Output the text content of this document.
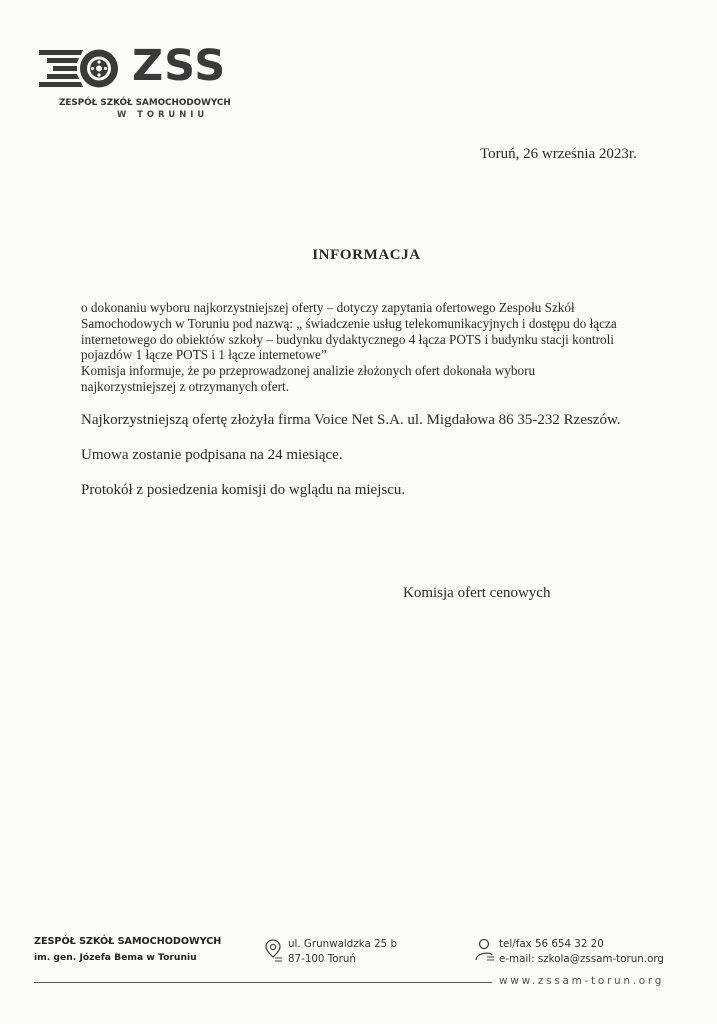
ZSS
ZESPÓŁ SZKÓŁ SAMOCHODOWYCH
W TORUNIU
Toruń, 26 września 2023r.
INFORMACJA
o dokonaniu wyboru najkorzystniejszej oferty – dotyczy zapytania ofertowego Zespołu Szkół
Samochodowych w Toruniu pod nazwą: „ świadczenie usług telekomunikacyjnych i dostępu do łącza
internetowego do obiektów szkoły – budynku dydaktycznego 4 łącza POTS i budynku stacji kontroli
pojazdów 1 łącze POTS i 1 łącze internetowe”
Komisja informuje, że po przeprowadzonej analizie złożonych ofert dokonała wyboru
najkorzystniejszej z otrzymanych ofert.
Najkorzystniejszą ofertę złożyła firma Voice Net S.A. ul. Migdałowa 86 35-232 Rzeszów.
Umowa zostanie podpisana na 24 miesiące.
Protokół z posiedzenia komisji do wglądu na miejscu.
Komisja ofert cenowych
ZESPÓŁ SZKÓŁ SAMOCHODOWYCH
im. gen. Józefa Bema w Toruniu
ul. Grunwaldzka 25 b
87-100 Toruń
tel/fax 56 654 32 20
e-mail: szkola@zssam-torun.org
www.zssam-torun.org
